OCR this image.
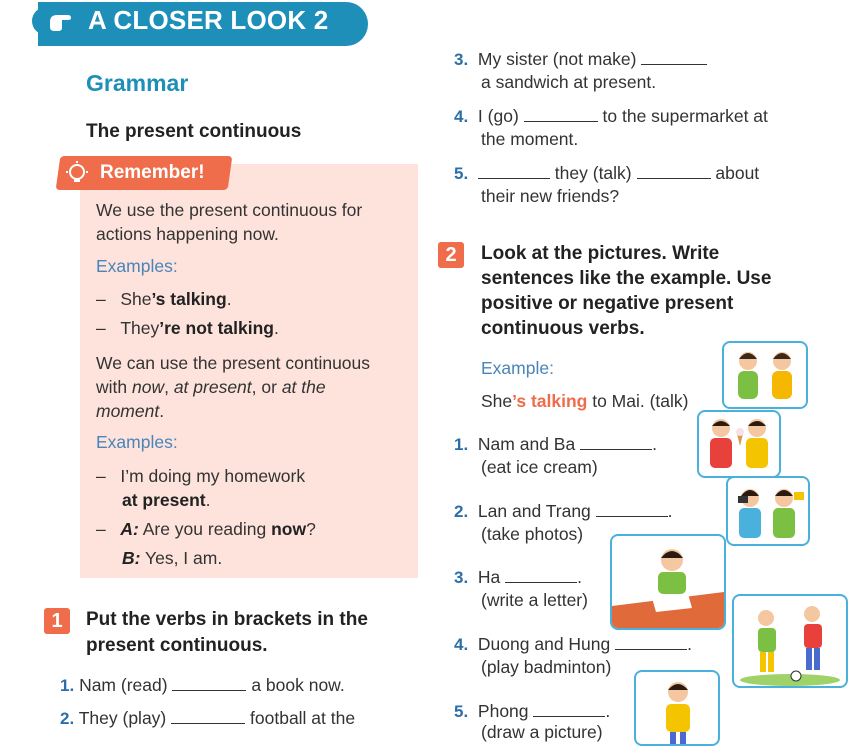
A CLOSER LOOK 2
Grammar
The present continuous
Remember!
We use the present continuous for
actions happening now.
Examples:
–   She’s talking.
–   They’re not talking.
We can use the present continuous
with now, at present, or at the
moment.
Examples:
–   I’m doing my homework
at present.
–   A: Are you reading now?
B: Yes, I am.
1	Put the verbs in brackets in the
present continuous.
1. Nam (read)	a book now.
2. They (play)	football at the
3. My sister (not make)
a sandwich at present.
4. I (go)	to the supermarket at
the moment.
5.	they (talk)	about
their new friends?
2	Look at the pictures. Write
sentences like the example. Use
positive or negative present
continuous verbs.
Example:
She’s talking to Mai. (talk)
1. Nam and Ba	.
(eat ice cream)
2. Lan and Trang	.
(take photos)
3. Ha	.
(write a letter)
4. Duong and Hung	.
(play badminton)
5. Phong	.
(draw a picture)
